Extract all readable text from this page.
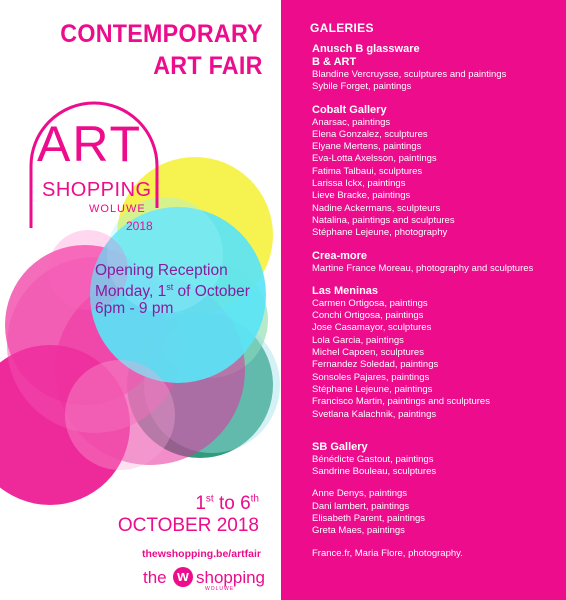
CONTEMPORARY
ART FAIR
ART
SHOPPING
WOLUWE
2018
Opening Reception
Monday, 1st of October
6pm - 9 pm
1st to 6th
OCTOBER 2018
thewshopping.be/artfair
the w shopping
WOLUWE
GALERIES
Anusch B glassware
B & ART
Blandine Vercruysse, sculptures and paintings
Sybile Forget, paintings
Cobalt Gallery
Anarsac, paintings
Elena Gonzalez, sculptures
Elyane Mertens, paintings
Eva-Lotta Axelsson, paintings
Fatima Talbaui, sculptures
Larissa Ickx, paintings
Lieve Bracke, paintings
Nadine Ackermans, sculpteurs
Natalina, paintings and sculptures
Stéphane Lejeune, photography
Crea-more
Martine France Moreau, photography and sculptures
Las Meninas
Carmen Ortigosa, paintings
Conchi Ortigosa, paintings
Jose Casamayor, sculptures
Lola Garcia, paintings
Michel Capoen, sculptures
Fernandez Soledad, paintings
Sonsoles Pajares, paintings
Stéphane Lejeune, paintings
Francisco Martin, paintings and sculptures
Svetlana Kalachnik, paintings
SB Gallery
Bénédicte Gastout, paintings
Sandrine Bouleau, sculptures
Anne Denys, paintings
Dani lambert, paintings
Elisabeth Parent, paintings
Greta Maes, paintings
France.fr, Maria Flore, photography.
